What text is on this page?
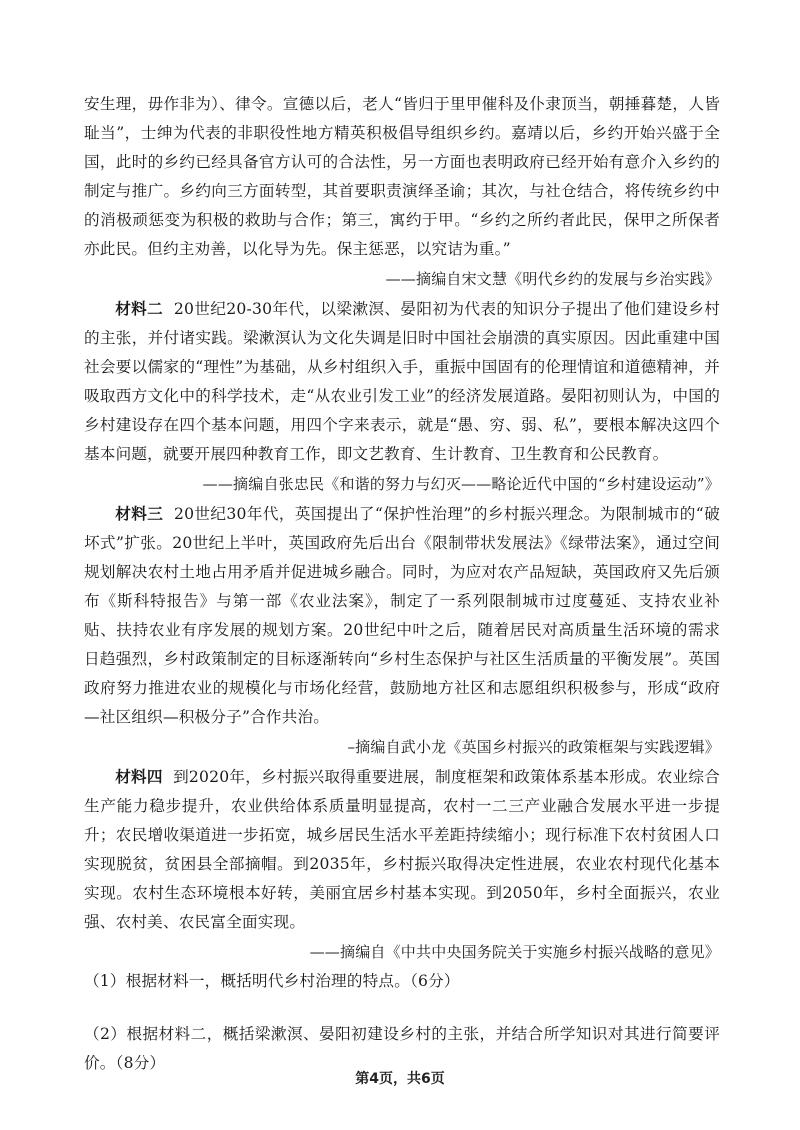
安生理，毋作非为）、律令。宣德以后，老人“皆归于里甲催科及仆隶顶当，朝捶暮楚，人皆耻当”，士绅为代表的非职役性地方精英积极倡导组织乡约。嘉靖以后，乡约开始兴盛于全国，此时的乡约已经具备官方认可的合法性，另一方面也表明政府已经开始有意介入乡约的制定与推广。乡约向三方面转型，其首要职责演绎圣谕；其次，与社仓结合，将传统乡约中的消极顽惩变为积极的救助与合作；第三，寓约于甲。“乡约之所约者此民，保甲之所保者亦此民。但约主劝善，以化导为先。保主惩恶，以究诘为重。”

——摘编自宋文慧《明代乡约的发展与乡治实践》

材料二 20世纪20-30年代，以梁漱溟、晏阳初为代表的知识分子提出了他们建设乡村的主张，并付诸实践。梁漱溟认为文化失调是旧时中国社会崩溃的真实原因。因此重建中国社会要以儒家的“理性”为基础，从乡村组织入手，重振中国固有的伦理情谊和道德精神，并吸取西方文化中的科学技术，走“从农业引发工业”的经济发展道路。晏阳初则认为，中国的乡村建设存在四个基本问题，用四个字来表示，就是“愚、穷、弱、私”，要根本解决这四个基本问题，就要开展四种教育工作，即文艺教育、生计教育、卫生教育和公民教育。

——摘编自张忠民《和谐的努力与幻灭——略论近代中国的“乡村建设运动”》

材料三 20世纪30年代，英国提出了“保护性治理”的乡村振兴理念。为限制城市的“破坏式”扩张。20世纪上半叶，英国政府先后出台《限制带状发展法》《绿带法案》，通过空间规划解决农村土地占用矛盾并促进城乡融合。同时，为应对农产品短缺，英国政府又先后颁布《斯科特报告》与第一部《农业法案》，制定了一系列限制城市过度蔓延、支持农业补贴、扶持农业有序发展的规划方案。20世纪中叶之后，随着居民对高质量生活环境的需求日趋强烈，乡村政策制定的目标逐渐转向“乡村生态保护与社区生活质量的平衡发展”。英国政府努力推进农业的规模化与市场化经营，鼓励地方社区和志愿组织积极参与，形成“政府—社区组织—积极分子”合作共治。

–摘编自武小龙《英国乡村振兴的政策框架与实践逻辑》

材料四 到2020年，乡村振兴取得重要进展，制度框架和政策体系基本形成。农业综合生产能力稳步提升，农业供给体系质量明显提高，农村一二三产业融合发展水平进一步提升；农民增收渠道进一步拓宽，城乡居民生活水平差距持续缩小；现行标准下农村贫困人口实现脱贫，贫困县全部摘帽。到2035年，乡村振兴取得决定性进展，农业农村现代化基本实现。农村生态环境根本好转，美丽宜居乡村基本实现。到2050年，乡村全面振兴，农业强、农村美、农民富全面实现。

——摘编自《中共中央国务院关于实施乡村振兴战略的意见》

（1）根据材料一，概括明代乡村治理的特点。（6分）

（2）根据材料二，概括梁漱溟、晏阳初建设乡村的主张，并结合所学知识对其进行简要评价。（8分）

第4页，共6页
